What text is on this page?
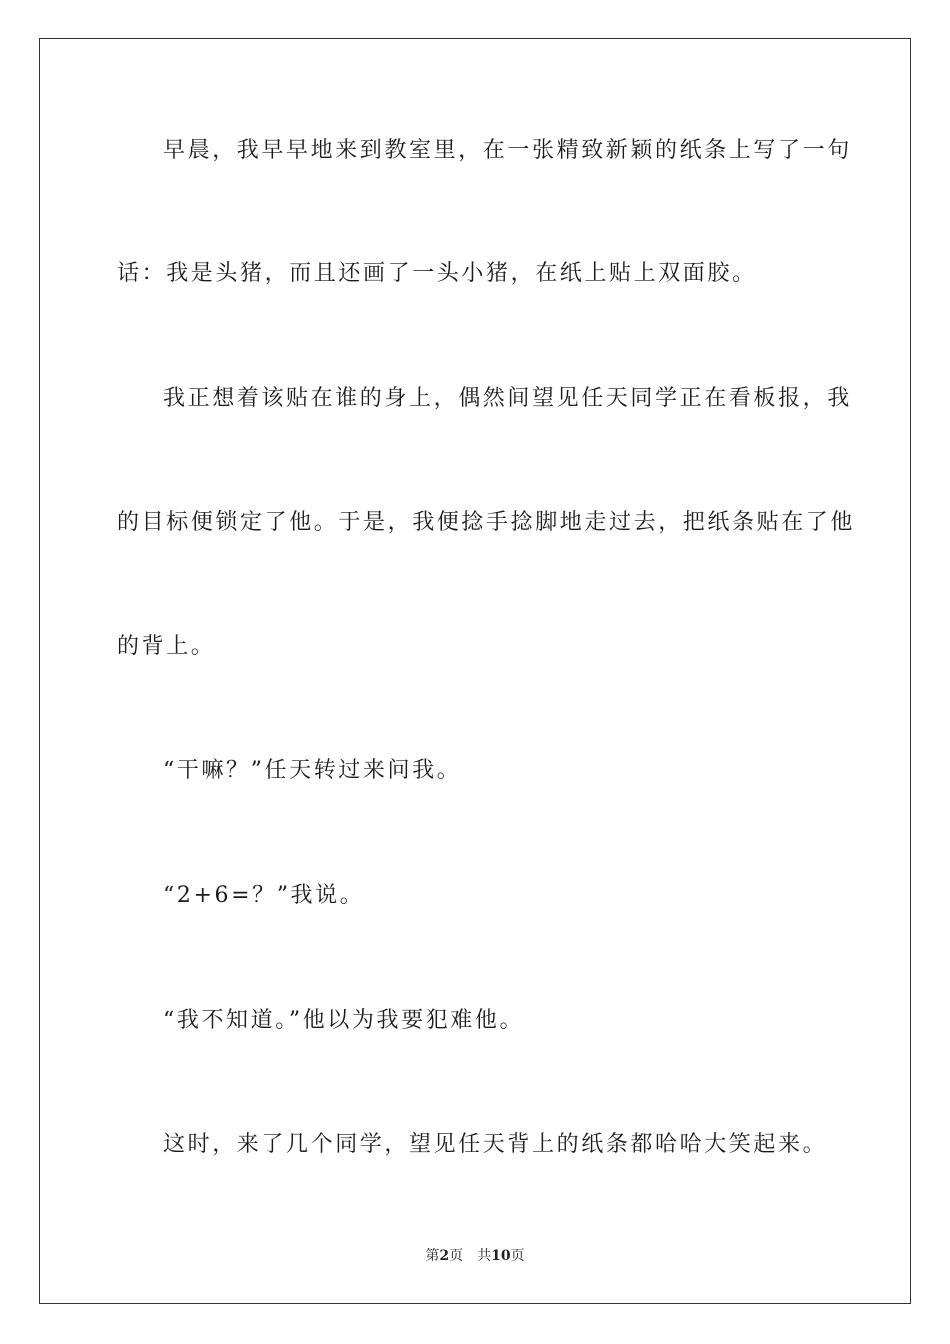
早晨，我早早地来到教室里，在一张精致新颖的纸条上写了一句
话：我是头猪，而且还画了一头小猪，在纸上贴上双面胶。
我正想着该贴在谁的身上，偶然间望见任天同学正在看板报，我
的目标便锁定了他。于是，我便捻手捻脚地走过去，把纸条贴在了他
的背上。
“干嘛？”任天转过来问我。
“2+6=？”我说。
“我不知道。”他以为我要犯难他。
这时，来了几个同学，望见任天背上的纸条都哈哈大笑起来。
第2页 共10页
